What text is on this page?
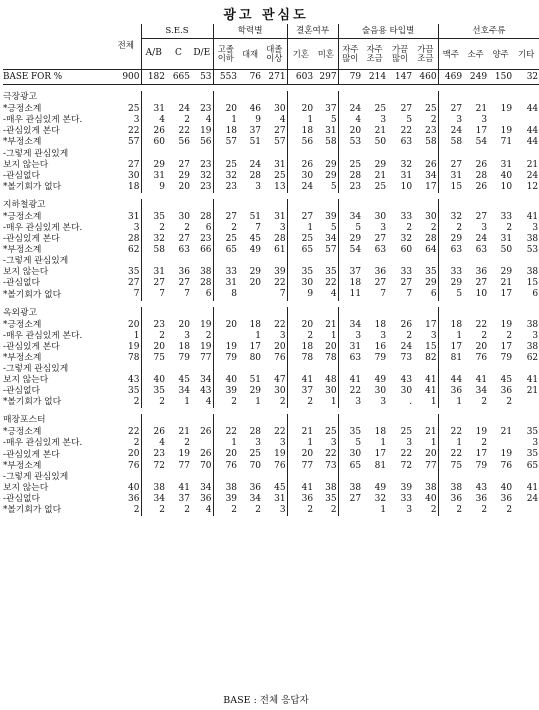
광고 관심도
	전체	S.E.S			학력별			결혼여부		술음용 타입별				선호주류			
		A/B	C	D/E	고졸 이하	대재	대졸 이상	기혼	미혼	자주 많이	자주 조금	가끔 많이	가끔 조금	맥주	소주	양주	기타
BASE FOR %	900	182	665	53	553	76	271	603	297	79	214	147	460	469	249	150	32

극장광고																	
*긍정소계	25	31	24	23	20	46	30	20	37	24	25	27	25	27	21	19	44
-매우 관심있게 본다.	3	4	2	4	1	9	4	1	5	4	3	5	2	3	3		
-관심있게 본다	22	26	22	19	18	37	27	18	31	20	21	22	23	24	17	19	44
*부정소계	57	60	56	56	57	51	57	56	58	53	50	63	58	58	54	71	44
-그렇게 관심있게																	
보지 않는다	27	29	27	23	25	24	31	26	29	25	29	32	26	27	26	31	21
-관심없다	30	31	29	32	32	28	25	30	29	28	21	31	34	31	28	40	24
*볼기회가 없다	18	9	20	23	23	3	13	24	5	23	25	10	17	15	26	10	12

지하철광고																	
*긍정소계	31	35	30	28	27	51	31	27	39	34	30	33	30	32	27	33	41
-매우 관심있게 본다.	3	2	2	6	2	7	3	1	5	5	3	2	2	2	3	2	3
-관심있게 본다	28	32	27	23	25	45	28	25	34	29	27	32	28	29	24	31	38
*부정소계	62	58	63	66	65	49	61	65	57	54	63	60	64	63	63	50	53
-그렇게 관심있게																	
보지 않는다	35	31	36	38	33	29	39	35	35	37	36	33	35	33	36	29	38
-관심없다	27	27	27	28	31	20	22	30	22	18	27	27	29	29	27	21	15
*볼기회가 없다	7	7	7	6	8		7	9	4	11	7	7	6	5	10	17	6

옥외광고																	
*긍정소계	20	23	20	19	20	18	22	20	21	34	18	26	17	18	22	19	38
-매우 관심있게 본다.	1	2	3	2		1	3	2	1	3	3	2	3	1	2	2	3
-관심있게 본다	19	20	18	19	19	17	20	18	20	31	16	24	15	17	20	17	38
*부정소계	78	75	79	77	79	80	76	78	78	63	79	73	82	81	76	79	62
-그렇게 관심있게																	
보지 않는다	43	40	45	34	40	51	47	41	48	41	49	43	41	44	41	45	41
-관심없다	35	35	34	43	39	29	30	37	30	22	30	30	41	36	34	36	21
*볼기회가 없다	2	2	1	4	2	1	2	2	1	3	3	.	1	1	2	2	

매장포스터																	
*긍정소계	22	26	21	26	22	28	22	21	25	35	18	25	21	22	19	21	35
-매우 관심있게 본다.	2	4	2		1	3	3	1	3	5	1	3	1	1	2		3
-관심있게 본다	20	23	19	26	20	25	19	20	22	30	17	22	20	22	17	19	35
*부정소계	76	72	77	70	76	70	76	77	73	65	81	72	77	75	79	76	65
-그렇게 관심있게																	
보지 않는다	40	38	41	34	38	36	45	41	38	38	49	39	38	38	43	40	41
-관심없다	36	34	37	36	39	34	31	36	35	27	32	33	40	36	36	36	24
*볼기회가 없다	2	2	2	4	2	2	3	2	2		1	3	2	2	2	2	
BASE : 전체 응답자
